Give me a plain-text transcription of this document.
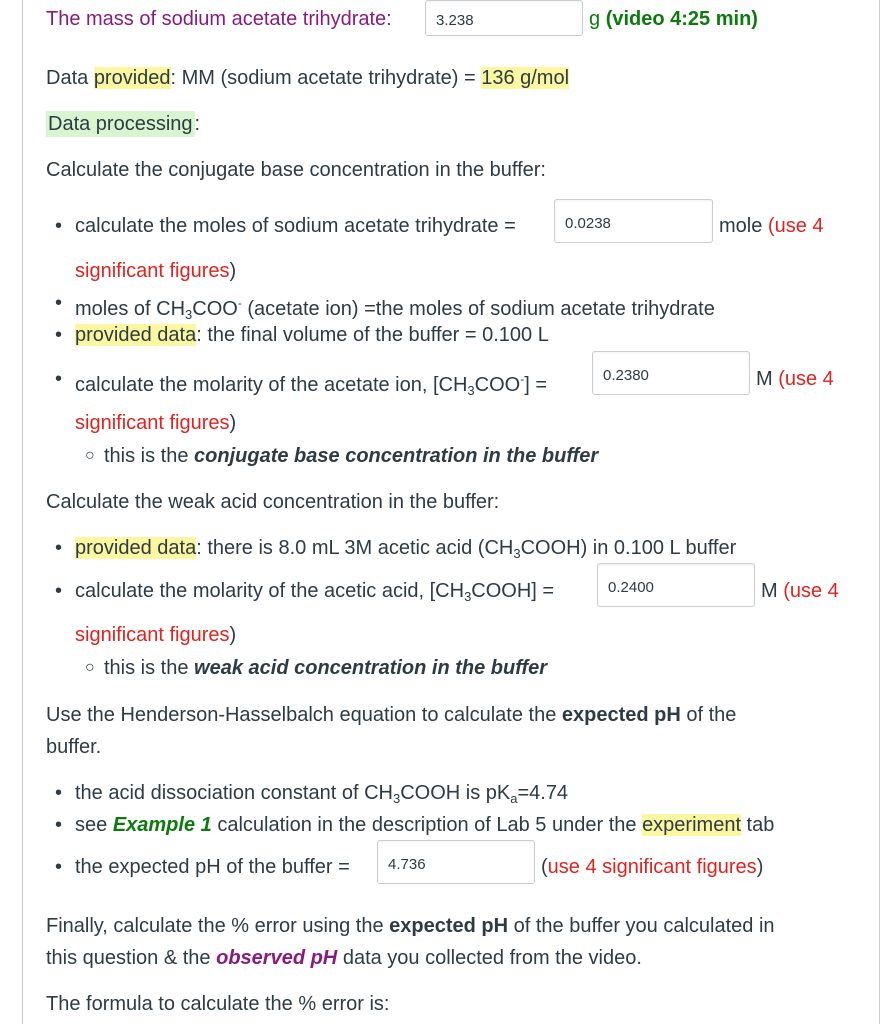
The mass of sodium acetate trihydrate:
3.238	g (video 4:25 min)
Data provided: MM (sodium acetate trihydrate) = 136 g/mol
Data processing :
Calculate the conjugate base concentration in the buffer:
• calculate the moles of sodium acetate trihydrate =
0.0238	mole (use 4
significant figures)
• moles of $CH_3COO^-$ (acetate ion) =the moles of sodium acetate trihydrate
• provided data: the final volume of the buffer = 0.100 L
• calculate the molarity of the acetate ion, $[CH_3COO^-]$ =
0.2380	M (use 4
significant figures)
○ this is the conjugate base concentration in the buffer
Calculate the weak acid concentration in the buffer:
• provided data: there is 8.0 mL 3M acetic acid $(CH_3COOH)$ in 0.100 L buffer
• calculate the molarity of the acetic acid, $[CH_3COOH]$ =
0.2400	M (use 4
significant figures)
○ this is the weak acid concentration in the buffer
Use the Henderson-Hasselbalch equation to calculate the expected pH of the
buffer.
• the acid dissociation constant of $CH_3COOH$ is $pK_a=4.74$
• see Example 1 calculation in the description of Lab 5 under the experiment tab
• the expected pH of the buffer =
4.736	(use 4 significant figures)
Finally, calculate the % error using the expected pH of the buffer you calculated in
this question & the observed pH data you collected from the video.
The formula to calculate the % error is:
